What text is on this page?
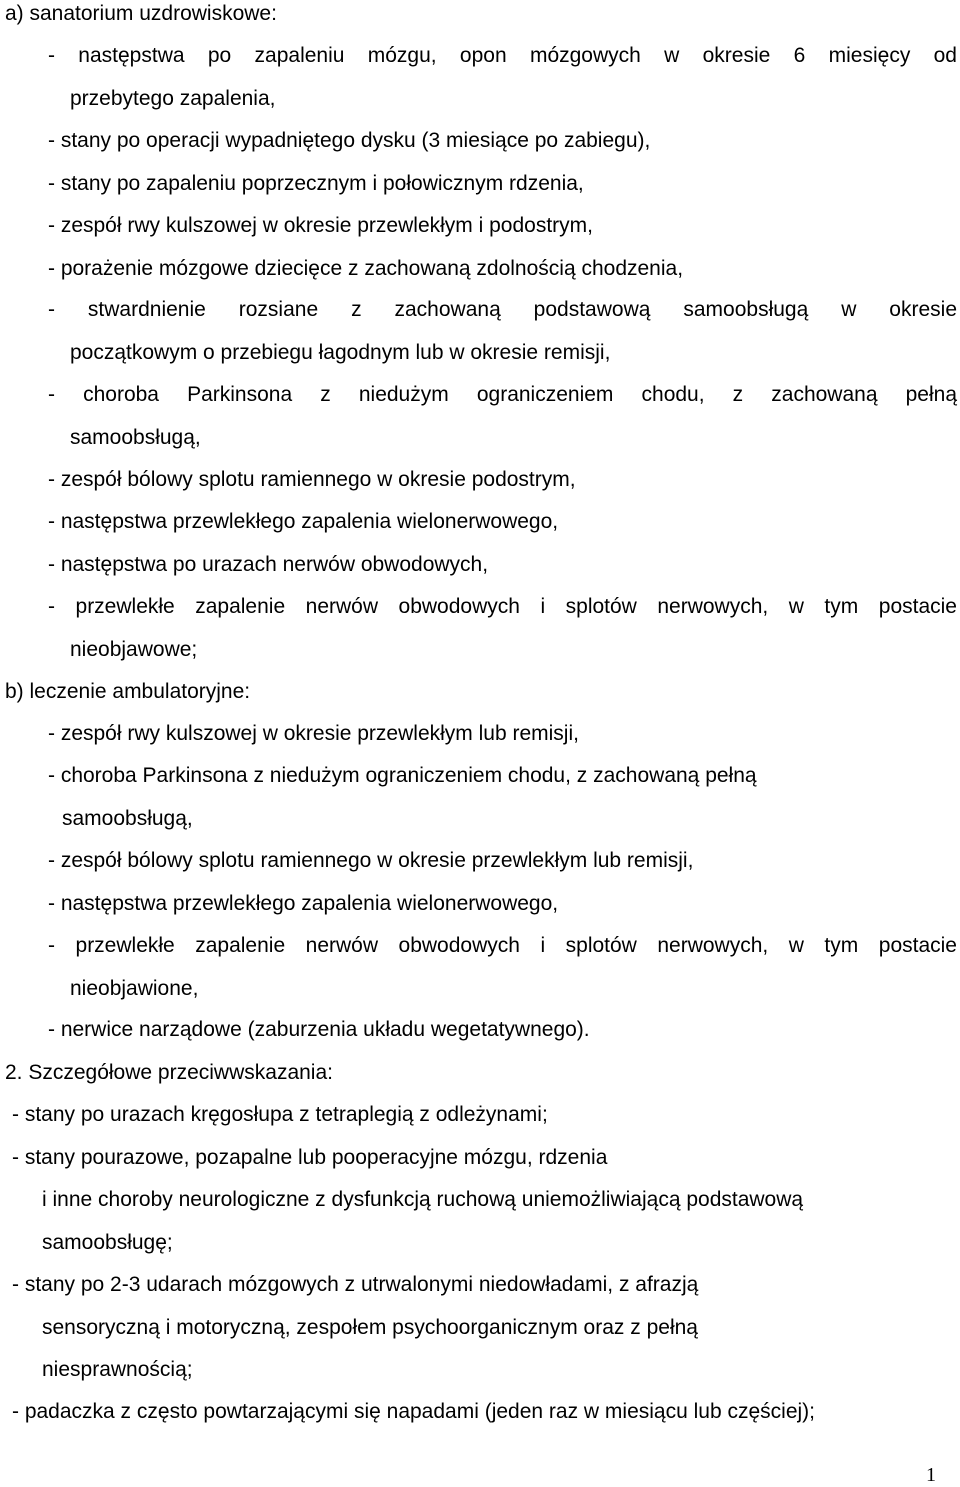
a) sanatorium uzdrowiskowe:
- następstwa po zapaleniu mózgu, opon mózgowych w okresie 6 miesięcy od
przebytego zapalenia,
- stany po operacji wypadniętego dysku (3 miesiące po zabiegu),
- stany po zapaleniu poprzecznym i połowicznym rdzenia,
- zespół rwy kulszowej w okresie przewlekłym i podostrym,
- porażenie mózgowe dziecięce z zachowaną zdolnością chodzenia,
- stwardnienie rozsiane z zachowaną podstawową samoobsługą w okresie
początkowym o przebiegu łagodnym lub w okresie remisji,
- choroba Parkinsona z niedużym ograniczeniem chodu, z zachowaną pełną
samoobsługą,
- zespół bólowy splotu ramiennego w okresie podostrym,
- następstwa przewlekłego zapalenia wielonerwowego,
- następstwa po urazach nerwów obwodowych,
- przewlekłe zapalenie nerwów obwodowych i splotów nerwowych, w tym postacie
nieobjawowe;
b) leczenie ambulatoryjne:
- zespół rwy kulszowej w okresie przewlekłym lub remisji,
- choroba Parkinsona z niedużym ograniczeniem chodu, z zachowaną pełną
samoobsługą,
- zespół bólowy splotu ramiennego w okresie przewlekłym lub remisji,
- następstwa przewlekłego zapalenia wielonerwowego,
- przewlekłe zapalenie nerwów obwodowych i splotów nerwowych, w tym postacie
nieobjawione,
- nerwice narządowe (zaburzenia układu wegetatywnego).
2. Szczegółowe przeciwwskazania:
- stany po urazach kręgosłupa z tetraplegią z odleżynami;
- stany pourazowe, pozapalne lub pooperacyjne mózgu, rdzenia
i inne choroby neurologiczne z dysfunkcją ruchową uniemożliwiającą podstawową
samoobsługę;
- stany po 2-3 udarach mózgowych z utrwalonymi niedowładami, z afrazją
sensoryczną i motoryczną, zespołem psychoorganicznym oraz z pełną
niesprawnością;
- padaczka z często powtarzającymi się napadami (jeden raz w miesiącu lub częściej);
1
